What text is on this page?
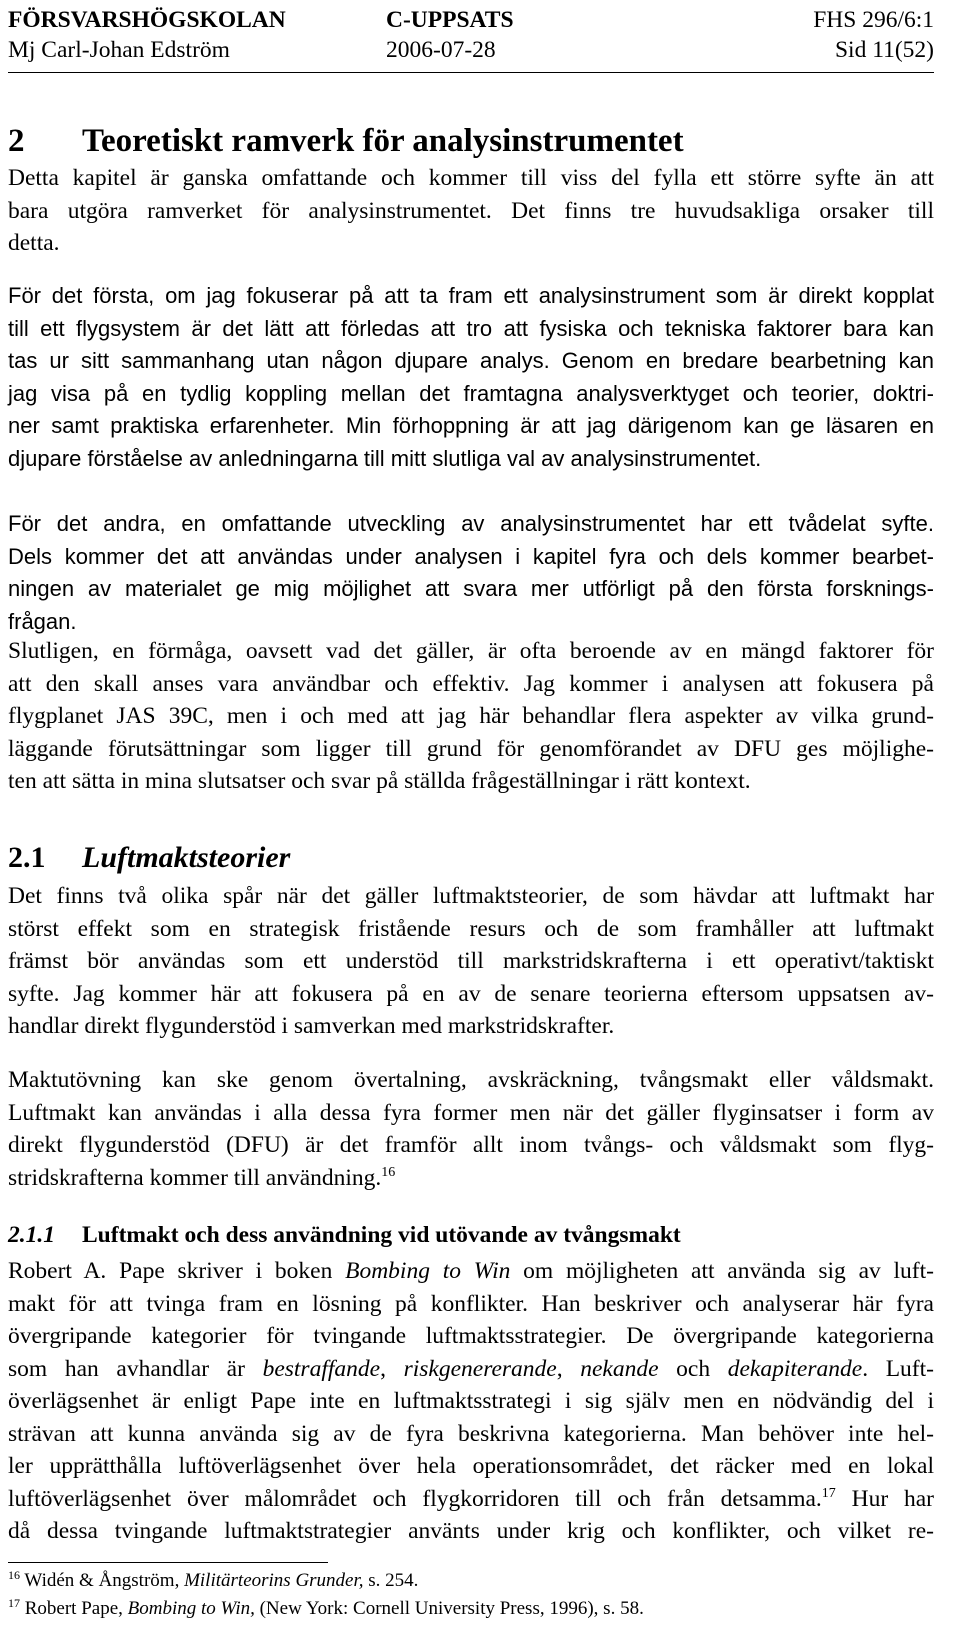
FÖRSVARSHÖGSKOLAN	C-UPPSATS	FHS 296/6:1
Mj Carl-Johan Edström	2006-07-28	Sid 11(52)
2 Teoretiskt ramverk för analysinstrumentet
Detta kapitel är ganska omfattande och kommer till viss del fylla ett större syfte än att
bara utgöra ramverket för analysinstrumentet. Det finns tre huvudsakliga orsaker till
detta.
För det första, om jag fokuserar på att ta fram ett analysinstrument som är direkt kopplat
till ett flygsystem är det lätt att förledas att tro att fysiska och tekniska faktorer bara kan
tas ur sitt sammanhang utan någon djupare analys. Genom en bredare bearbetning kan
jag visa på en tydlig koppling mellan det framtagna analysverktyget och teorier, doktri-
ner samt praktiska erfarenheter. Min förhoppning är att jag därigenom kan ge läsaren en
djupare förståelse av anledningarna till mitt slutliga val av analysinstrumentet.
För det andra, en omfattande utveckling av analysinstrumentet har ett tvådelat syfte.
Dels kommer det att användas under analysen i kapitel fyra och dels kommer bearbet-
ningen av materialet ge mig möjlighet att svara mer utförligt på den första forsknings-
frågan.
Slutligen, en förmåga, oavsett vad det gäller, är ofta beroende av en mängd faktorer för
att den skall anses vara användbar och effektiv. Jag kommer i analysen att fokusera på
flygplanet JAS 39C, men i och med att jag här behandlar flera aspekter av vilka grund-
läggande förutsättningar som ligger till grund för genomförandet av DFU ges möjlighe-
ten att sätta in mina slutsatser och svar på ställda frågeställningar i rätt kontext.
2.1 Luftmaktsteorier
Det finns två olika spår när det gäller luftmaktsteorier, de som hävdar att luftmakt har
störst effekt som en strategisk fristående resurs och de som framhåller att luftmakt
främst bör användas som ett understöd till markstridskrafterna i ett operativt/taktiskt
syfte. Jag kommer här att fokusera på en av de senare teorierna eftersom uppsatsen av-
handlar direkt flygunderstöd i samverkan med markstridskrafter.
Maktutövning kan ske genom övertalning, avskräckning, tvångsmakt eller våldsmakt.
Luftmakt kan användas i alla dessa fyra former men när det gäller flyginsatser i form av
direkt flygunderstöd (DFU) är det framför allt inom tvångs- och våldsmakt som flyg-
stridskrafterna kommer till användning.$^{16}$
2.1.1 Luftmakt och dess användning vid utövande av tvångsmakt
Robert A. Pape skriver i boken Bombing to Win om möjligheten att använda sig av luft-
makt för att tvinga fram en lösning på konflikter. Han beskriver och analyserar här fyra
övergripande kategorier för tvingande luftmaktsstrategier. De övergripande kategorierna
som han avhandlar är bestraffande, riskgenererande, nekande och dekapiterande. Luft-
överlägsenhet är enligt Pape inte en luftmaktsstrategi i sig själv men en nödvändig del i
strävan att kunna använda sig av de fyra beskrivna kategorierna. Man behöver inte hel-
ler upprätthålla luftöverlägsenhet över hela operationsområdet, det räcker med en lokal
luftöverlägsenhet över målområdet och flygkorridoren till och från detsamma.$^{17}$ Hur har
då dessa tvingande luftmaktstrategier använts under krig och konflikter, och vilket re-
$^{16}$ Widén & Ångström, Militärteorins Grunder, s. 254.
$^{17}$ Robert Pape, Bombing to Win, (New York: Cornell University Press, 1996), s. 58.
